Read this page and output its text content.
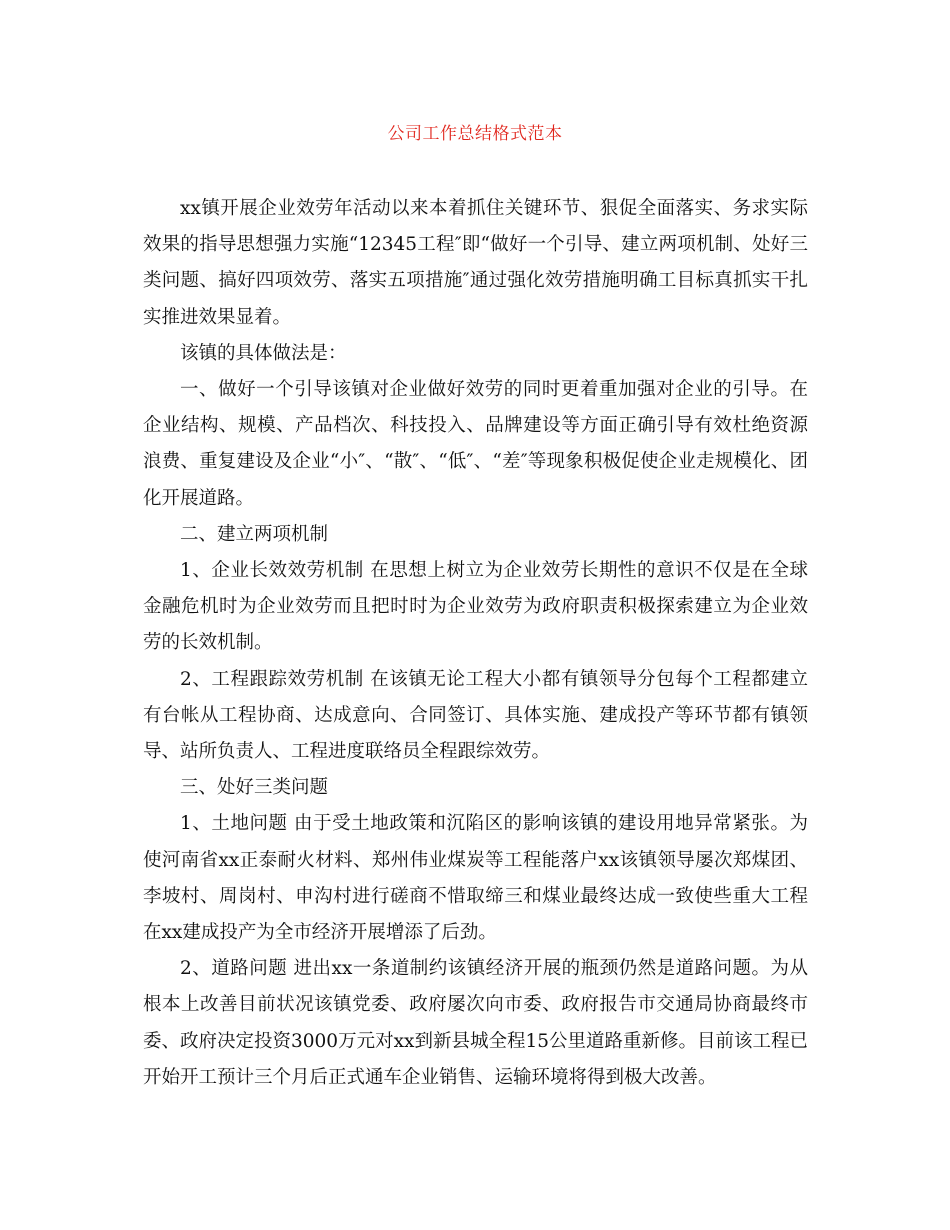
公司工作总结格式范本

xx镇开展企业效劳年活动以来本着抓住关键环节、狠促全面落实、务求实际效果的指导思想强力实施“12345工程″即“做好一个引导、建立两项机制、处好三类问题、搞好四项效劳、落实五项措施″通过强化效劳措施明确工目标真抓实干扎实推进效果显着。

该镇的具体做法是：

一、做好一个引导该镇对企业做好效劳的同时更着重加强对企业的引导。在企业结构、规模、产品档次、科技投入、品牌建设等方面正确引导有效杜绝资源浪费、重复建设及企业“小″、“散″、“低″、“差″等现象积极促使企业走规模化、团化开展道路。

二、建立两项机制

1、企业长效效劳机制 在思想上树立为企业效劳长期性的意识不仅是在全球金融危机时为企业效劳而且把时时为企业效劳为政府职责积极探索建立为企业效劳的长效机制。

2、工程跟踪效劳机制 在该镇无论工程大小都有镇领导分包每个工程都建立有台帐从工程协商、达成意向、合同签订、具体实施、建成投产等环节都有镇领导、站所负责人、工程进度联络员全程跟综效劳。

三、处好三类问题

1、土地问题 由于受土地政策和沉陷区的影响该镇的建设用地异常紧张。为使河南省xx正泰耐火材料、郑州伟业煤炭等工程能落户xx该镇领导屡次郑煤团、李坡村、周岗村、申沟村进行磋商不惜取缔三和煤业最终达成一致使些重大工程在xx建成投产为全市经济开展增添了后劲。

2、道路问题 进出xx一条道制约该镇经济开展的瓶颈仍然是道路问题。为从根本上改善目前状况该镇党委、政府屡次向市委、政府报告市交通局协商最终市委、政府决定投资3000万元对xx到新县城全程15公里道路重新修。目前该工程已开始开工预计三个月后正式通车企业销售、运输环境将得到极大改善。
